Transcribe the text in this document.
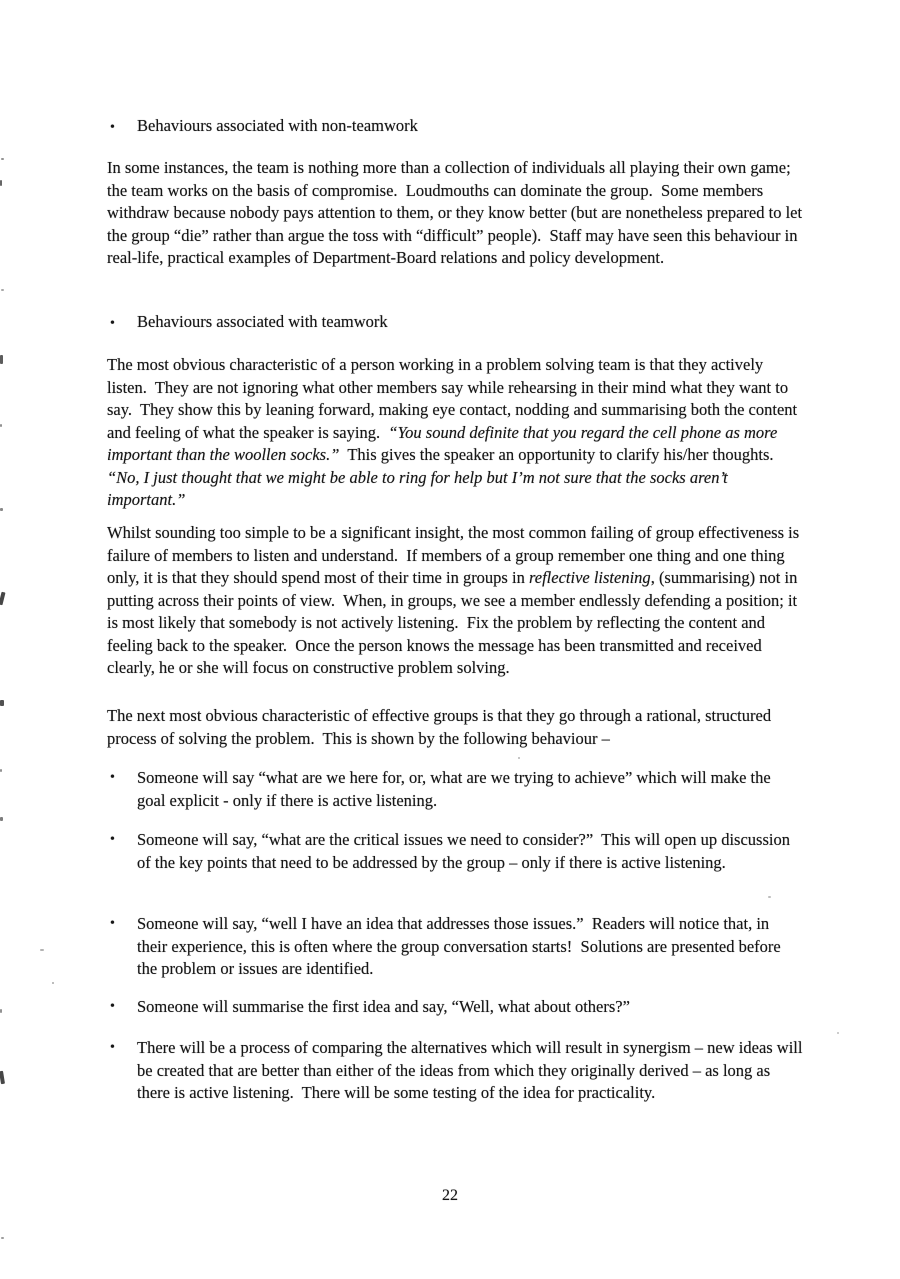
• Behaviours associated with non-teamwork
In some instances, the team is nothing more than a collection of individuals all playing their own game; the team works on the basis of compromise.  Loudmouths can dominate the group.  Some members withdraw because nobody pays attention to them, or they know better (but are nonetheless prepared to let the group “die” rather than argue the toss with “difficult” people).  Staff may have seen this behaviour in real-life, practical examples of Department-Board relations and policy development.
• Behaviours associated with teamwork
The most obvious characteristic of a person working in a problem solving team is that they actively listen.  They are not ignoring what other members say while rehearsing in their mind what they want to say.  They show this by leaning forward, making eye contact, nodding and summarising both the content and feeling of what the speaker is saying.  “You sound definite that you regard the cell phone as more important than the woollen socks.”  This gives the speaker an opportunity to clarify his/her thoughts.  “No, I just thought that we might be able to ring for help but I’m not sure that the socks aren’t important.”
Whilst sounding too simple to be a significant insight, the most common failing of group effectiveness is failure of members to listen and understand.  If members of a group remember one thing and one thing only, it is that they should spend most of their time in groups in reflective listening, (summarising) not in putting across their points of view.  When, in groups, we see a member endlessly defending a position; it is most likely that somebody is not actively listening.  Fix the problem by reflecting the content and feeling back to the speaker.  Once the person knows the message has been transmitted and received clearly, he or she will focus on constructive problem solving.
The next most obvious characteristic of effective groups is that they go through a rational, structured process of solving the problem.  This is shown by the following behaviour –
• Someone will say “what are we here for, or, what are we trying to achieve” which will make the goal explicit - only if there is active listening.
• Someone will say, “what are the critical issues we need to consider?”  This will open up discussion of the key points that need to be addressed by the group – only if there is active listening.
• Someone will say, “well I have an idea that addresses those issues.”  Readers will notice that, in their experience, this is often where the group conversation starts!  Solutions are presented before the problem or issues are identified.
• Someone will summarise the first idea and say, “Well, what about others?”
• There will be a process of comparing the alternatives which will result in synergism – new ideas will be created that are better than either of the ideas from which they originally derived – as long as there is active listening.  There will be some testing of the idea for practicality.
22
